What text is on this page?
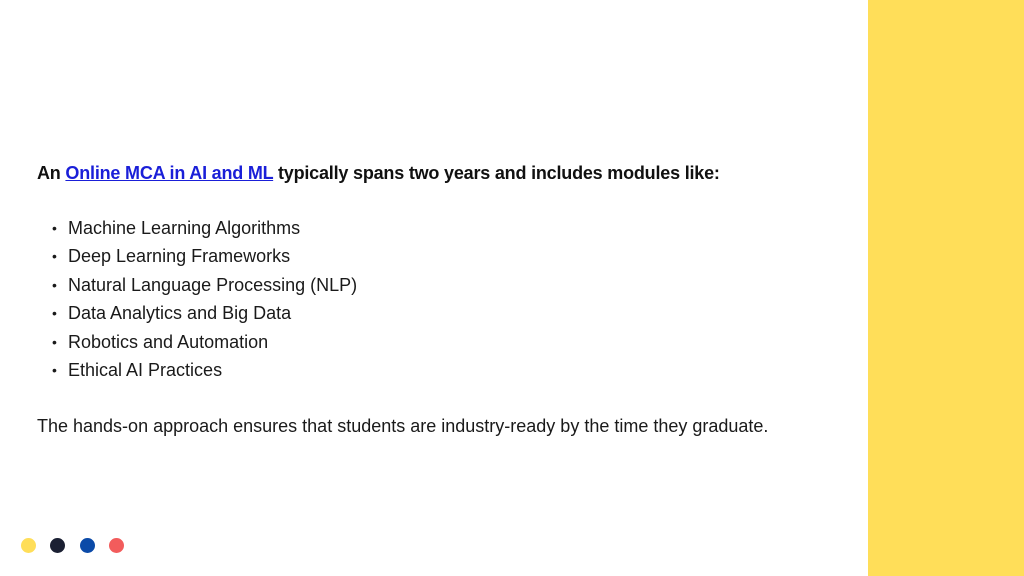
An Online MCA in AI and ML typically spans two years and includes modules like:

• Machine Learning Algorithms
• Deep Learning Frameworks
• Natural Language Processing (NLP)
• Data Analytics and Big Data
• Robotics and Automation
• Ethical AI Practices

The hands-on approach ensures that students are industry-ready by the time they graduate.
